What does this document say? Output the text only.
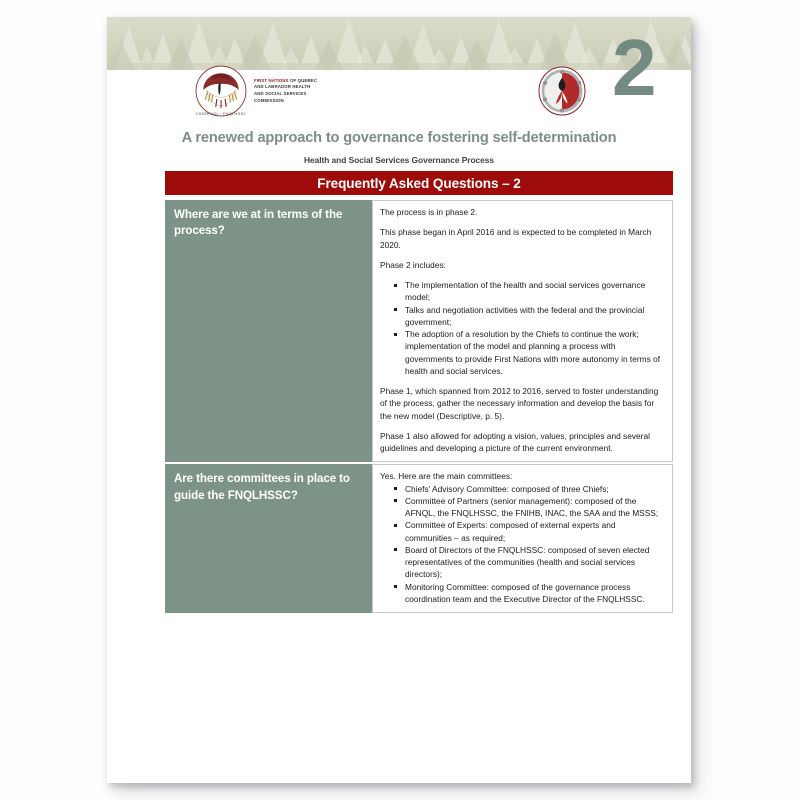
CSSSPNQL · FNQLHSSC
FIRST NATIONS OF QUEBEC
AND LABRADOR HEALTH
AND SOCIAL SERVICES
COMMISSION	2
A renewed approach to governance fostering self-determination
Health and Social Services Governance Process
Frequently Asked Questions – 2
Where are we at in terms of the process?

The process is in phase 2.

This phase began in April 2016 and is expected to be completed in March 2020.

Phase 2 includes:

The implementation of the health and social services governance model;
Talks and negotiation activities with the federal and the provincial government;
The adoption of a resolution by the Chiefs to continue the work; implementation of the model and planning a process with governments to provide First Nations with more autonomy in terms of health and social services.

Phase 1, which spanned from 2012 to 2016, served to foster understanding of the process, gather the necessary information and develop the basis for the new model (Descriptive, p. 5).

Phase 1 also allowed for adopting a vision, values, principles and several guidelines and developing a picture of the current environment.

Are there committees in place to guide the FNQLHSSC?

Yes. Here are the main committees:

Chiefs’ Advisory Committee: composed of three Chiefs;
Committee of Partners (senior management): composed of the AFNQL, the FNQLHSSC, the FNIHB, INAC, the SAA and the MSSS;
Committee of Experts: composed of external experts and communities – as required;
Board of Directors of the FNQLHSSC: composed of seven elected representatives of the communities (health and social services directors);
Monitoring Committee: composed of the governance process coordination team and the Executive Director of the FNQLHSSC.
